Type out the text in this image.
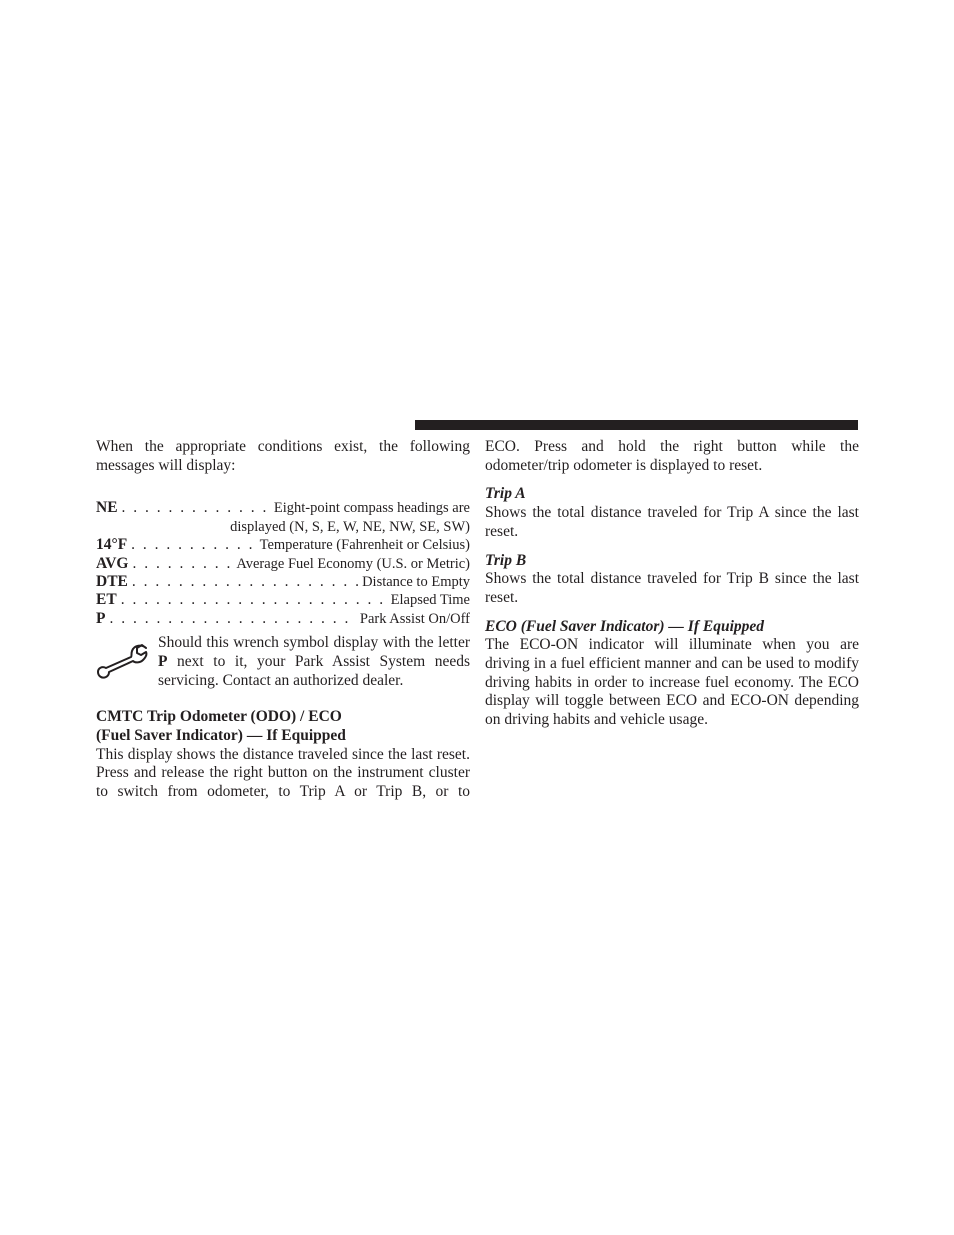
When the appropriate conditions exist, the following messages will display:

NE . . .	Eight-point compass headings are
displayed (N, S, E, W, NE, NW, SE, SW)
14°F . . .	Temperature (Fahrenheit or Celsius)
AVG . . .	Average Fuel Economy (U.S. or Metric)
DTE . . .	Distance to Empty
ET . . .	Elapsed Time
P . . .	Park Assist On/Off

Should this wrench symbol display with the letter P next to it, your Park Assist System needs servicing. Contact an authorized dealer.

CMTC Trip Odometer (ODO) / ECO
(Fuel Saver Indicator) — If Equipped

This display shows the distance traveled since the last reset. Press and release the right button on the instrument cluster to switch from odometer, to Trip A or Trip B, or to

ECO. Press and hold the right button while the odometer/trip odometer is displayed to reset.

Trip A

Shows the total distance traveled for Trip A since the last reset.

Trip B

Shows the total distance traveled for Trip B since the last reset.

ECO (Fuel Saver Indicator) — If Equipped

The ECO-ON indicator will illuminate when you are driving in a fuel efficient manner and can be used to modify driving habits in order to increase fuel economy. The ECO display will toggle between ECO and ECO-ON depending on driving habits and vehicle usage.
